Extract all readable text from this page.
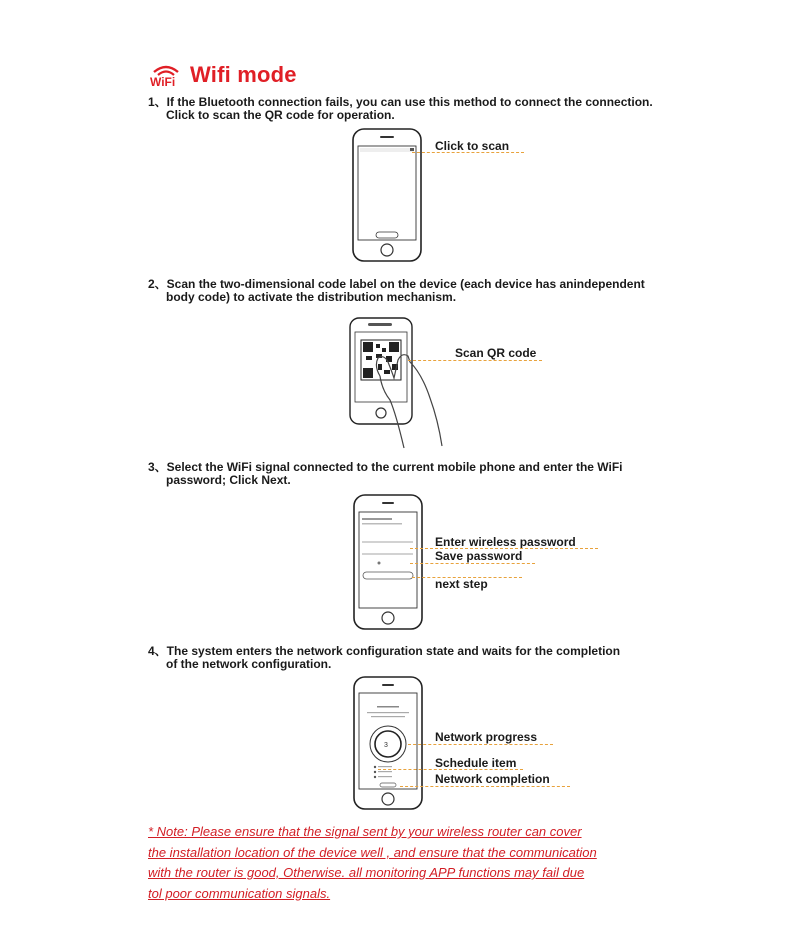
WiFi Wifi mode
1、If the Bluetooth connection fails, you can use this method to connect the connection.
Click to scan the QR code for operation.
Click to scan
2、Scan the two-dimensional code label on the device (each device has anindependent
body code) to activate the distribution mechanism.
Scan QR code
3、Select the WiFi signal connected to the current mobile phone and enter the WiFi
password; Click Next.
Enter wireless password
Save password
next step
4、The system enters the network configuration state and waits for the completion
of the network configuration.
3
Network progress
Schedule item
Network completion
* Note: Please ensure that the signal sent by your wireless router can cover
the installation location of the device well , and ensure that the communication
with the router is good, Otherwise. all monitoring APP functions may fail due
tol poor communication signals.
